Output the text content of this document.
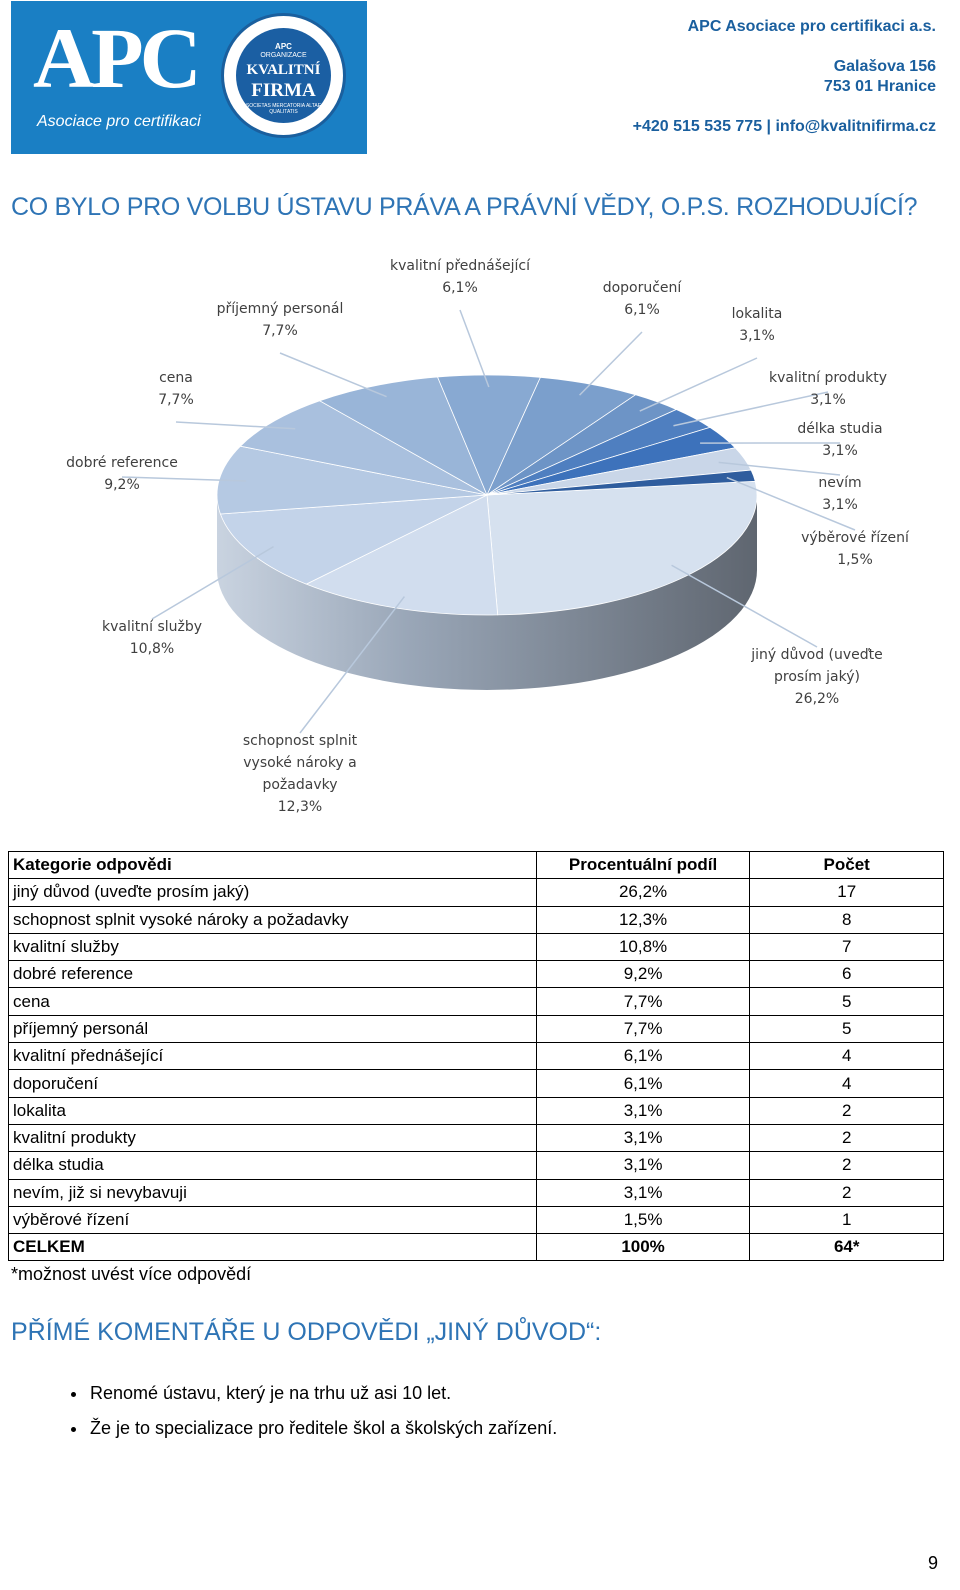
APC
Asociace pro certifikaci
APC
ORGANIZACE
KVALITNÍ
FIRMA
SOCIETAS MERCATORIA ALTAE QUALITATIS
APC Asociace pro certifikaci a.s.
Galašova 156
753 01 Hranice
+420 515 535 775 | info@kvalitnifirma.cz
CO BYLO PRO VOLBU ÚSTAVU PRÁVA A PRÁVNÍ VĚDY, O.P.S. ROZHODUJÍCÍ?
jiný důvod (uveďte prosím jaký) 26,2%
schopnost splnit vysoké nároky a požadavky 12,3%
kvalitní služby 10,8%
dobré reference 9,2%
cena 7,7%
příjemný personál 7,7%
kvalitní přednášející 6,1%	doporučení 6,1%	lokalita 3,1%
kvalitní produkty 3,1%
délka studia 3,1%
nevím 3,1%
výběrové řízení 1,5%
Kategorie odpovědi	Procentuální podíl	Počet
jiný důvod (uveďte prosím jaký)	26,2%	17
schopnost splnit vysoké nároky a požadavky	12,3%	8
kvalitní služby	10,8%	7
dobré reference	9,2%	6
cena	7,7%	5
příjemný personál	7,7%	5
kvalitní přednášející	6,1%	4
doporučení	6,1%	4
lokalita	3,1%	2
kvalitní produkty	3,1%	2
délka studia	3,1%	2
nevím, již si nevybavuji	3,1%	2
výběrové řízení	1,5%	1
CELKEM	100%	64*
*možnost uvést více odpovědí
PŘÍMÉ KOMENTÁŘE U ODPOVĚDI „JINÝ DŮVOD“:
• Renomé ústavu, který je na trhu už asi 10 let.
• Že je to specializace pro ředitele škol a školských zařízení.
9
